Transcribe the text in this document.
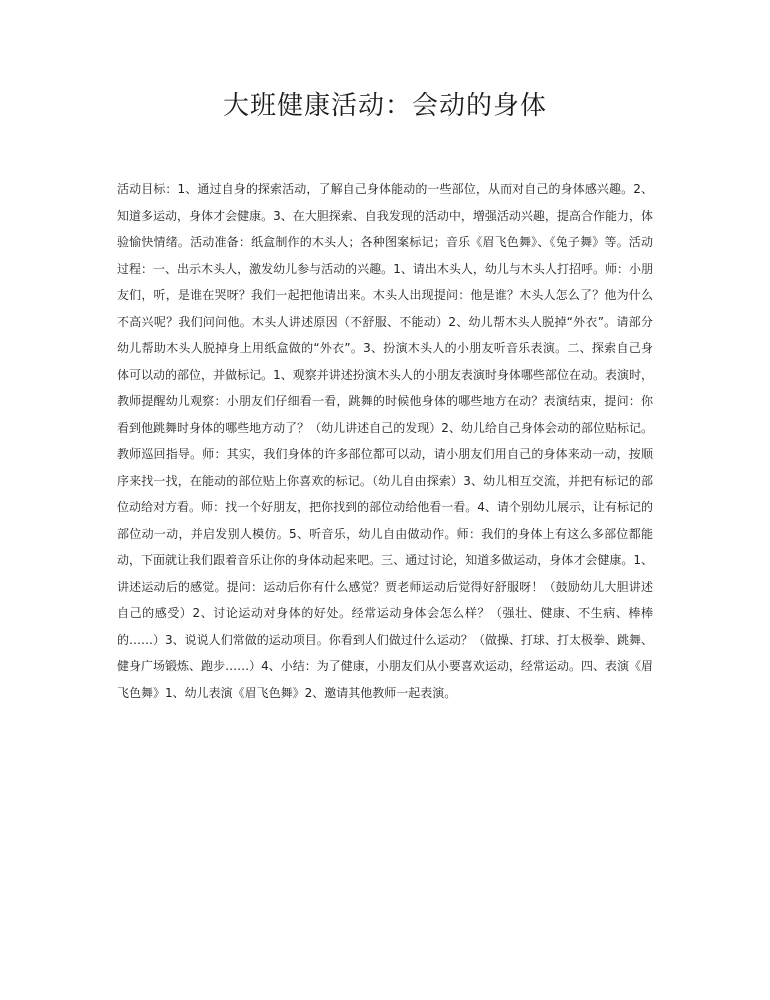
大班健康活动：会动的身体

活动目标：1、通过自身的探索活动，了解自己身体能动的一些部位，从而对自己的身体感兴趣。2、知道多运动，身体才会健康。3、在大胆探索、自我发现的活动中，增强活动兴趣，提高合作能力，体验愉快情绪。活动准备：纸盒制作的木头人；各种图案标记；音乐《眉飞色舞》、《兔子舞》等。活动过程：一、出示木头人，激发幼儿参与活动的兴趣。1、请出木头人，幼儿与木头人打招呼。师：小朋友们，听，是谁在哭呀？我们一起把他请出来。木头人出现提问：他是谁？木头人怎么了？他为什么不高兴呢？我们问问他。木头人讲述原因（不舒服、不能动）2、幼儿帮木头人脱掉“外衣”。请部分幼儿帮助木头人脱掉身上用纸盒做的“外衣”。3、扮演木头人的小朋友听音乐表演。二、探索自己身体可以动的部位，并做标记。1、观察并讲述扮演木头人的小朋友表演时身体哪些部位在动。表演时，教师提醒幼儿观察：小朋友们仔细看一看，跳舞的时候他身体的哪些地方在动？表演结束，提问：你看到他跳舞时身体的哪些地方动了？（幼儿讲述自己的发现）2、幼儿给自己身体会动的部位贴标记。教师巡回指导。师：其实，我们身体的许多部位都可以动，请小朋友们用自己的身体来动一动，按顺序来找一找，在能动的部位贴上你喜欢的标记。（幼儿自由探索）3、幼儿相互交流，并把有标记的部位动给对方看。师：找一个好朋友，把你找到的部位动给他看一看。4、请个别幼儿展示，让有标记的部位动一动，并启发别人模仿。5、听音乐，幼儿自由做动作。师：我们的身体上有这么多部位都能动，下面就让我们跟着音乐让你的身体动起来吧。三、通过讨论，知道多做运动，身体才会健康。1、讲述运动后的感觉。提问：运动后你有什么感觉？贾老师运动后觉得好舒服呀！（鼓励幼儿大胆讲述自己的感受）2、讨论运动对身体的好处。经常运动身体会怎么样？（强壮、健康、不生病、棒棒的……）3、说说人们常做的运动项目。你看到人们做过什么运动？（做操、打球、打太极拳、跳舞、健身广场锻炼、跑步……）4、小结：为了健康，小朋友们从小要喜欢运动，经常运动。四、表演《眉飞色舞》1、幼儿表演《眉飞色舞》2、邀请其他教师一起表演。
